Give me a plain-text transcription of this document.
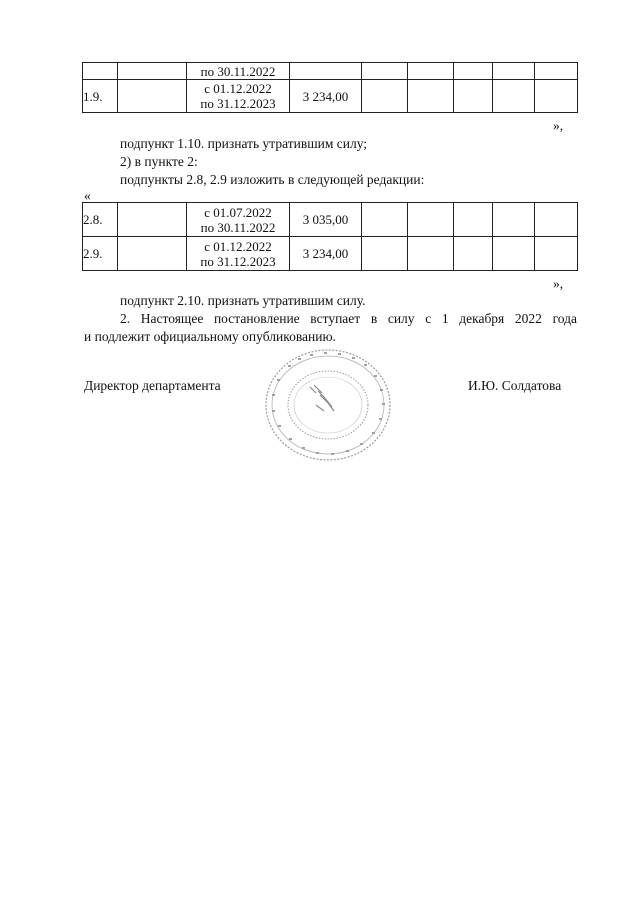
		по 30.11.2022						

1.9.		с 01.12.2022
по 31.12.2023	3 234,00					
»,
подпункт 1.10. признать утратившим силу;
2) в пункте 2:
подпункты 2.8, 2.9 изложить в следующей редакции:
«
2.8.		с 01.07.2022
по 30.11.2022	3 035,00					
2.9.		с 01.12.2022
по 31.12.2023	3 234,00					
»,
подпункт 2.10. признать утратившим силу.
2. Настоящее постановление вступает в силу с 1 декабря 2022 года
и подлежит официальному опубликованию.
Директор департамента	И.Ю. Солдатова
